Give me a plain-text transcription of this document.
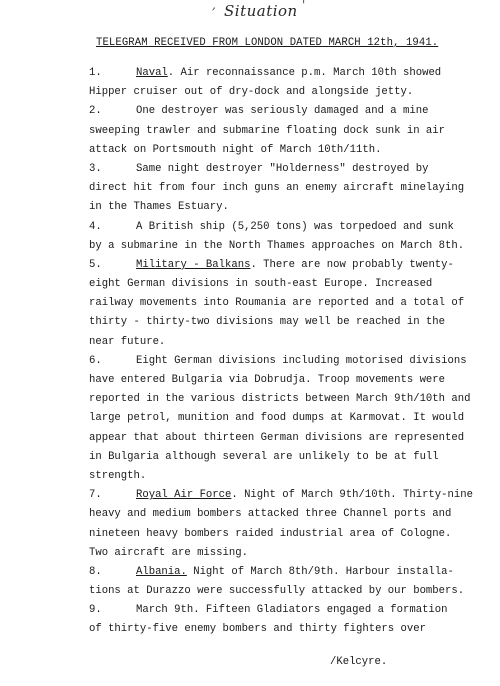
, Situation '
TELEGRAM RECEIVED FROM LONDON DATED MARCH 12th, 1941.
1.	Naval. Air reconnaissance p.m. March 10th showed
Hipper cruiser out of dry-dock and alongside jetty.
2.	One destroyer was seriously damaged and a mine
sweeping trawler and submarine floating dock sunk in air
attack on Portsmouth night of March 10th/11th.
3.	Same night destroyer "Holderness" destroyed by
direct hit from four inch guns an enemy aircraft minelaying
in the Thames Estuary.
4.	A British ship (5,250 tons) was torpedoed and sunk
by a submarine in the North Thames approaches on March 8th.
5.	Military - Balkans. There are now probably twenty-
eight German divisions in south-east Europe. Increased
railway movements into Roumania are reported and a total of
thirty - thirty-two divisions may well be reached in the
near future.
6.	Eight German divisions including motorised divisions
have entered Bulgaria via Dobrudja. Troop movements were
reported in the various districts between March 9th/10th and
large petrol, munition and food dumps at Karmovat. It would
appear that about thirteen German divisions are represented
in Bulgaria although several are unlikely to be at full
strength.
7.	Royal Air Force. Night of March 9th/10th. Thirty-nine
heavy and medium bombers attacked three Channel ports and
nineteen heavy bombers raided industrial area of Cologne.
Two aircraft are missing.
8.	Albania. Night of March 8th/9th. Harbour installa-
tions at Durazzo were successfully attacked by our bombers.
9.	March 9th. Fifteen Gladiators engaged a formation
of thirty-five enemy bombers and thirty fighters over
/Kelcyre.
